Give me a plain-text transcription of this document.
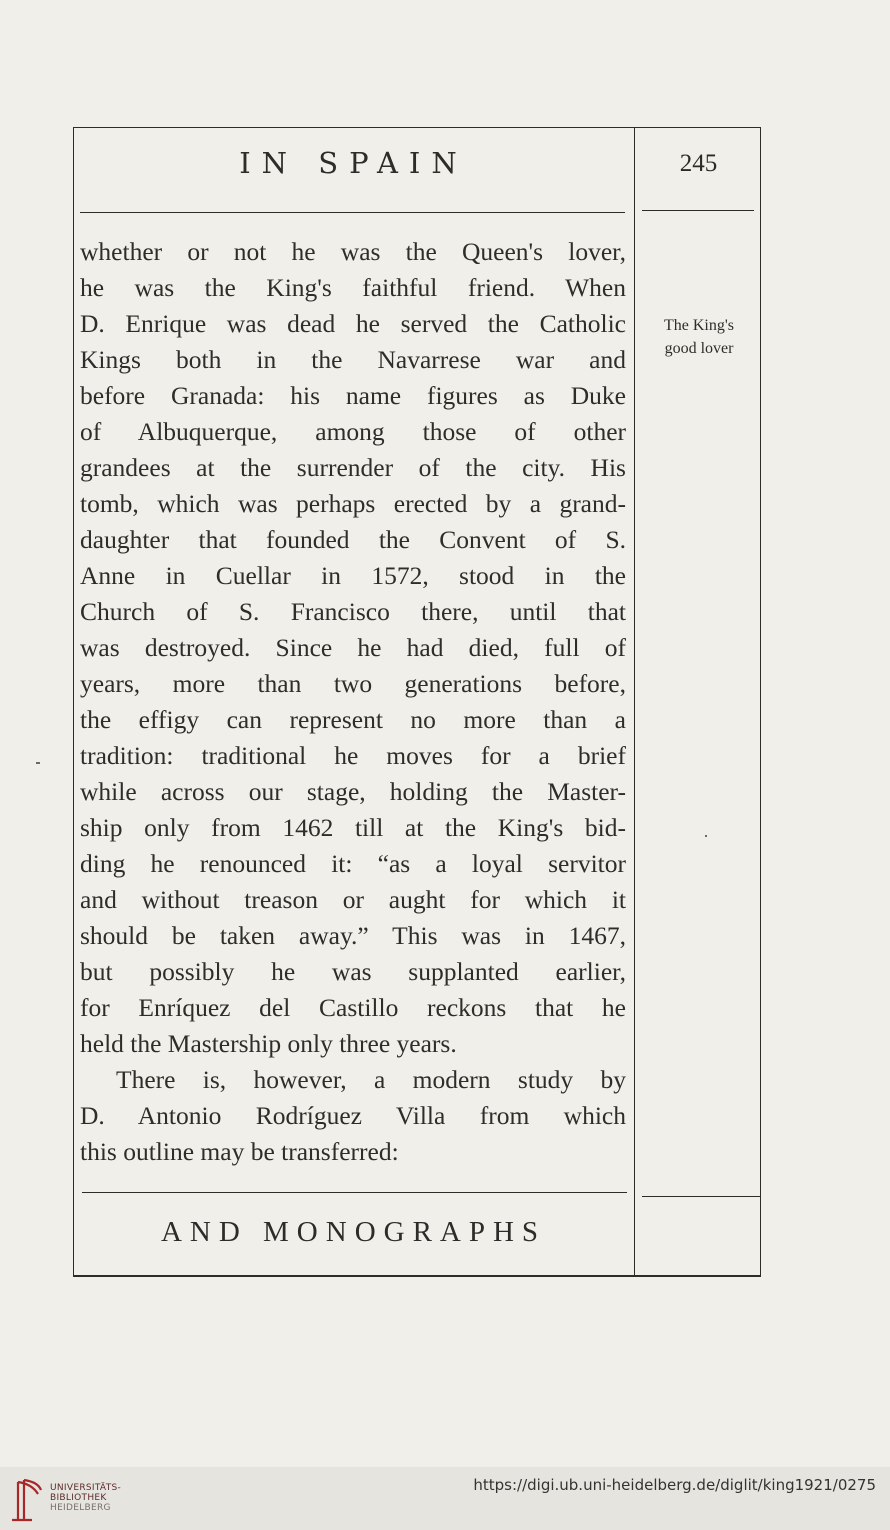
IN SPAIN	245
whether or not he was the Queen's lover,
he was the King's faithful friend. When
D. Enrique was dead he served the Catholic
Kings both in the Navarrese war and
before Granada: his name figures as Duke
of Albuquerque, among those of other
grandees at the surrender of the city. His
tomb, which was perhaps erected by a grand-
daughter that founded the Convent of S.
Anne in Cuellar in 1572, stood in the
Church of S. Francisco there, until that
was destroyed. Since he had died, full of
years, more than two generations before,
the effigy can represent no more than a
tradition: traditional he moves for a brief
while across our stage, holding the Master-
ship only from 1462 till at the King's bid-
ding he renounced it: “as a loyal servitor
and without treason or aught for which it
should be taken away.” This was in 1467,
but possibly he was supplanted earlier,
for Enríquez del Castillo reckons that he
held the Mastership only three years.
There is, however, a modern study by
D. Antonio Rodríguez Villa from which
this outline may be transferred:
The King's
good lover
AND MONOGRAPHS
UNIVERSITÄTS-
BIBLIOTHEK
HEIDELBERG
https://digi.ub.uni-heidelberg.de/diglit/king1921/0275
